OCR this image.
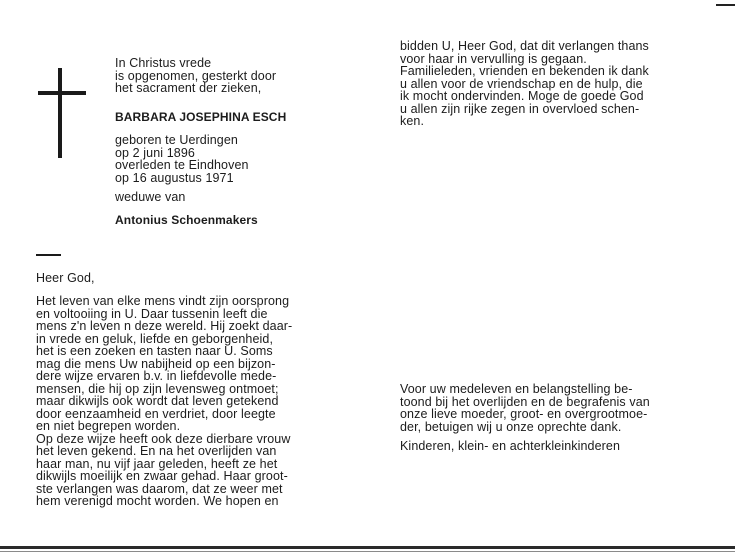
In Christus vrede
is opgenomen, gesterkt door
het sacrament der zieken,

BARBARA JOSEPHINA ESCH

geboren te Uerdingen
op 2 juni 1896
overleden te Eindhoven
op 16 augustus 1971

weduwe van

Antonius Schoenmakers

Heer God,

Het leven van elke mens vindt zijn oorsprong
en voltooiing in U. Daar tussenin leeft die
mens z'n leven n deze wereld. Hij zoekt daar-
in vrede en geluk, liefde en geborgenheid,
het is een zoeken en tasten naar U. Soms
mag die mens Uw nabijheid op een bijzon-
dere wijze ervaren b.v. in liefdevolle mede-
mensen, die hij op zijn levensweg ontmoet;
maar dikwijls ook wordt dat leven getekend
door eenzaamheid en verdriet, door leegte
en niet begrepen worden.
Op deze wijze heeft ook deze dierbare vrouw
het leven gekend. En na het overlijden van
haar man, nu vijf jaar geleden, heeft ze het
dikwijls moeilijk en zwaar gehad. Haar groot-
ste verlangen was daarom, dat ze weer met
hem verenigd mocht worden. We hopen en

bidden U, Heer God, dat dit verlangen thans
voor haar in vervulling is gegaan.
Familieleden, vrienden en bekenden ik dank
u allen voor de vriendschap en de hulp, die
ik mocht ondervinden. Moge de goede God
u allen zijn rijke zegen in overvloed schen-
ken.

Voor uw medeleven en belangstelling be-
toond bij het overlijden en de begrafenis van
onze lieve moeder, groot- en overgrootmoe-
der, betuigen wij u onze oprechte dank.

Kinderen, klein- en achterkleinkinderen
